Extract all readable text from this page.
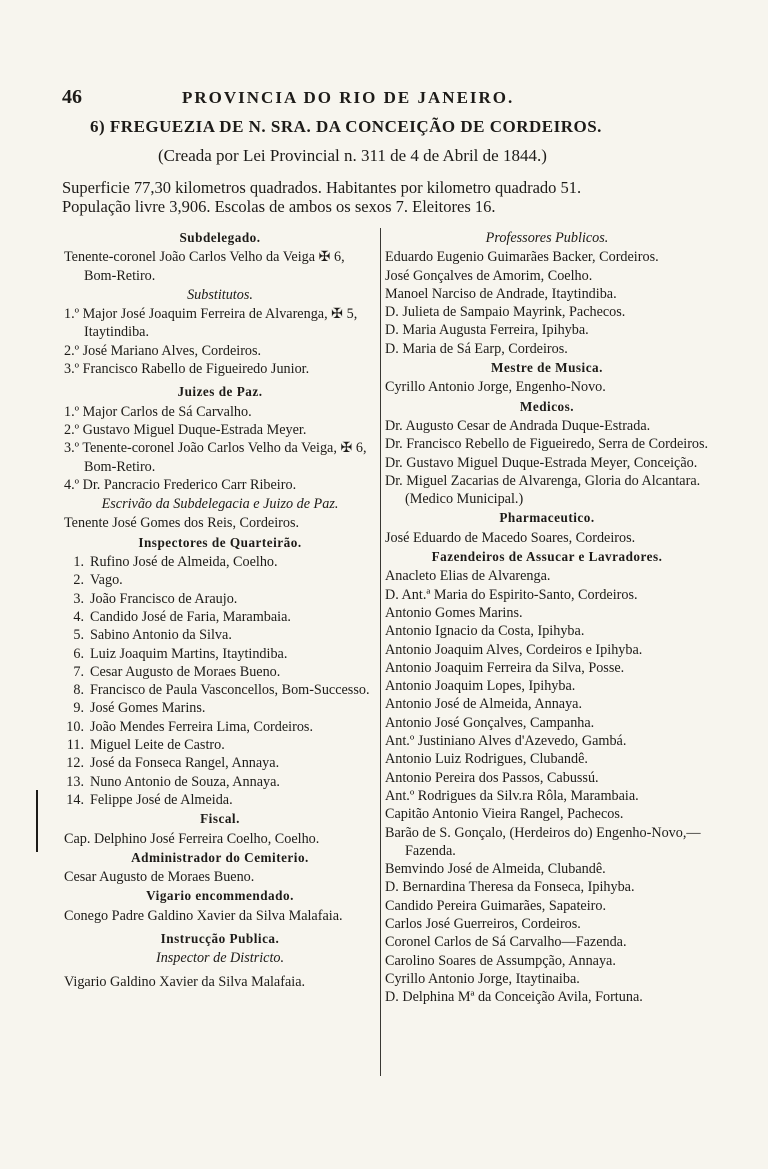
46	PROVINCIA DO RIO DE JANEIRO.
6) FREGUEZIA DE N. SRA. DA CONCEIÇÃO DE CORDEIROS.
(Creada por Lei Provincial n. 311 de 4 de Abril de 1844.)
Superficie 77,30 kilometros quadrados. Habitantes por kilometro quadrado 51.
População livre 3,906. Escolas de ambos os sexos 7. Eleitores 16.
Subdelegado.
Tenente-coronel João Carlos Velho da Veiga ✠ 6, Bom-Retiro.
Substitutos.
1.º Major José Joaquim Ferreira de Alvarenga, ✠ 5, Itaytindiba.
2.º José Mariano Alves, Cordeiros.
3.º Francisco Rabello de Figueiredo Junior.
Juizes de Paz.
1.º Major Carlos de Sá Carvalho.
2.º Gustavo Miguel Duque-Estrada Meyer.
3.º Tenente-coronel João Carlos Velho da Veiga, ✠ 6, Bom-Retiro.
4.º Dr. Pancracio Frederico Carr Ribeiro.
Escrivão da Subdelegacia e Juizo de Paz.
Tenente José Gomes dos Reis, Cordeiros.
Inspectores de Quarteirão.
1. Rufino José de Almeida, Coelho.
2. Vago.
3. João Francisco de Araujo.
4. Candido José de Faria, Marambaia.
5. Sabino Antonio da Silva.
6. Luiz Joaquim Martins, Itaytindiba.
7. Cesar Augusto de Moraes Bueno.
8. Francisco de Paula Vasconcellos, Bom-Successo.
9. José Gomes Marins.
10. João Mendes Ferreira Lima, Cordeiros.
11. Miguel Leite de Castro.
12. José da Fonseca Rangel, Annaya.
13. Nuno Antonio de Souza, Annaya.
14. Felippe José de Almeida.
Fiscal.
Cap. Delphino José Ferreira Coelho, Coelho.
Administrador do Cemiterio.
Cesar Augusto de Moraes Bueno.
Vigario encommendado.
Conego Padre Galdino Xavier da Silva Malafaia.
Instrucção Publica.
Inspector de Districto.
Vigario Galdino Xavier da Silva Malafaia.
Professores Publicos.
Eduardo Eugenio Guimarães Backer, Cordeiros.
José Gonçalves de Amorim, Coelho.
Manoel Narciso de Andrade, Itaytindiba.
D. Julieta de Sampaio Mayrink, Pachecos.
D. Maria Augusta Ferreira, Ipihyba.
D. Maria de Sá Earp, Cordeiros.
Mestre de Musica.
Cyrillo Antonio Jorge, Engenho-Novo.
Medicos.
Dr. Augusto Cesar de Andrada Duque-Estrada.
Dr. Francisco Rebello de Figueiredo, Serra de Cordeiros.
Dr. Gustavo Miguel Duque-Estrada Meyer, Conceição.
Dr. Miguel Zacarias de Alvarenga, Gloria do Alcantara. (Medico Municipal.)
Pharmaceutico.
José Eduardo de Macedo Soares, Cordeiros.
Fazendeiros de Assucar e Lavradores.
Anacleto Elias de Alvarenga.
D. Ant.ª Maria do Espirito-Santo, Cordeiros.
Antonio Gomes Marins.
Antonio Ignacio da Costa, Ipihyba.
Antonio Joaquim Alves, Cordeiros e Ipihyba.
Antonio Joaquim Ferreira da Silva, Posse.
Antonio Joaquim Lopes, Ipihyba.
Antonio José de Almeida, Annaya.
Antonio José Gonçalves, Campanha.
Ant.º Justiniano Alves d'Azevedo, Gambá.
Antonio Luiz Rodrigues, Clubandê.
Antonio Pereira dos Passos, Cabussú.
Ant.º Rodrigues da Silv.ra Rôla, Marambaia.
Capitão Antonio Vieira Rangel, Pachecos.
Barão de S. Gonçalo, (Herdeiros do) Engenho-Novo,— Fazenda.
Bemvindo José de Almeida, Clubandê.
D. Bernardina Theresa da Fonseca, Ipihyba.
Candido Pereira Guimarães, Sapateiro.
Carlos José Guerreiros, Cordeiros.
Coronel Carlos de Sá Carvalho—Fazenda.
Carolino Soares de Assumpção, Annaya.
Cyrillo Antonio Jorge, Itaytinaiba.
D. Delphina Mª da Conceição Avila, Fortuna.
